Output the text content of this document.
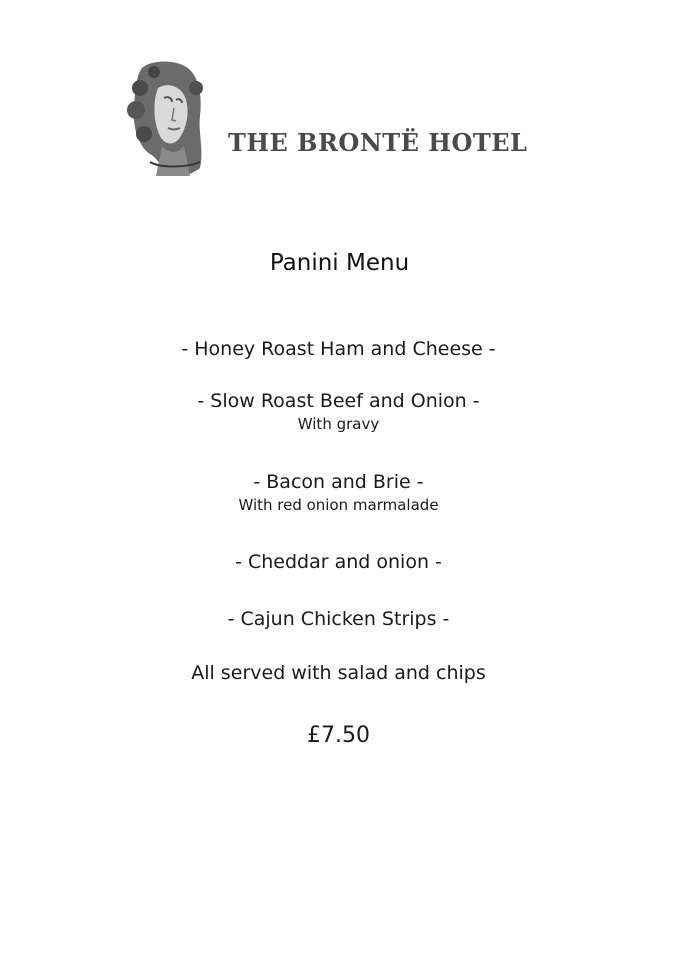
THE BRONTË HOTEL
Panini Menu
- Honey Roast Ham and Cheese -
- Slow Roast Beef and Onion -
With gravy
- Bacon and Brie -
With red onion marmalade
- Cheddar and onion -
- Cajun Chicken Strips -
All served with salad and chips
£7.50
